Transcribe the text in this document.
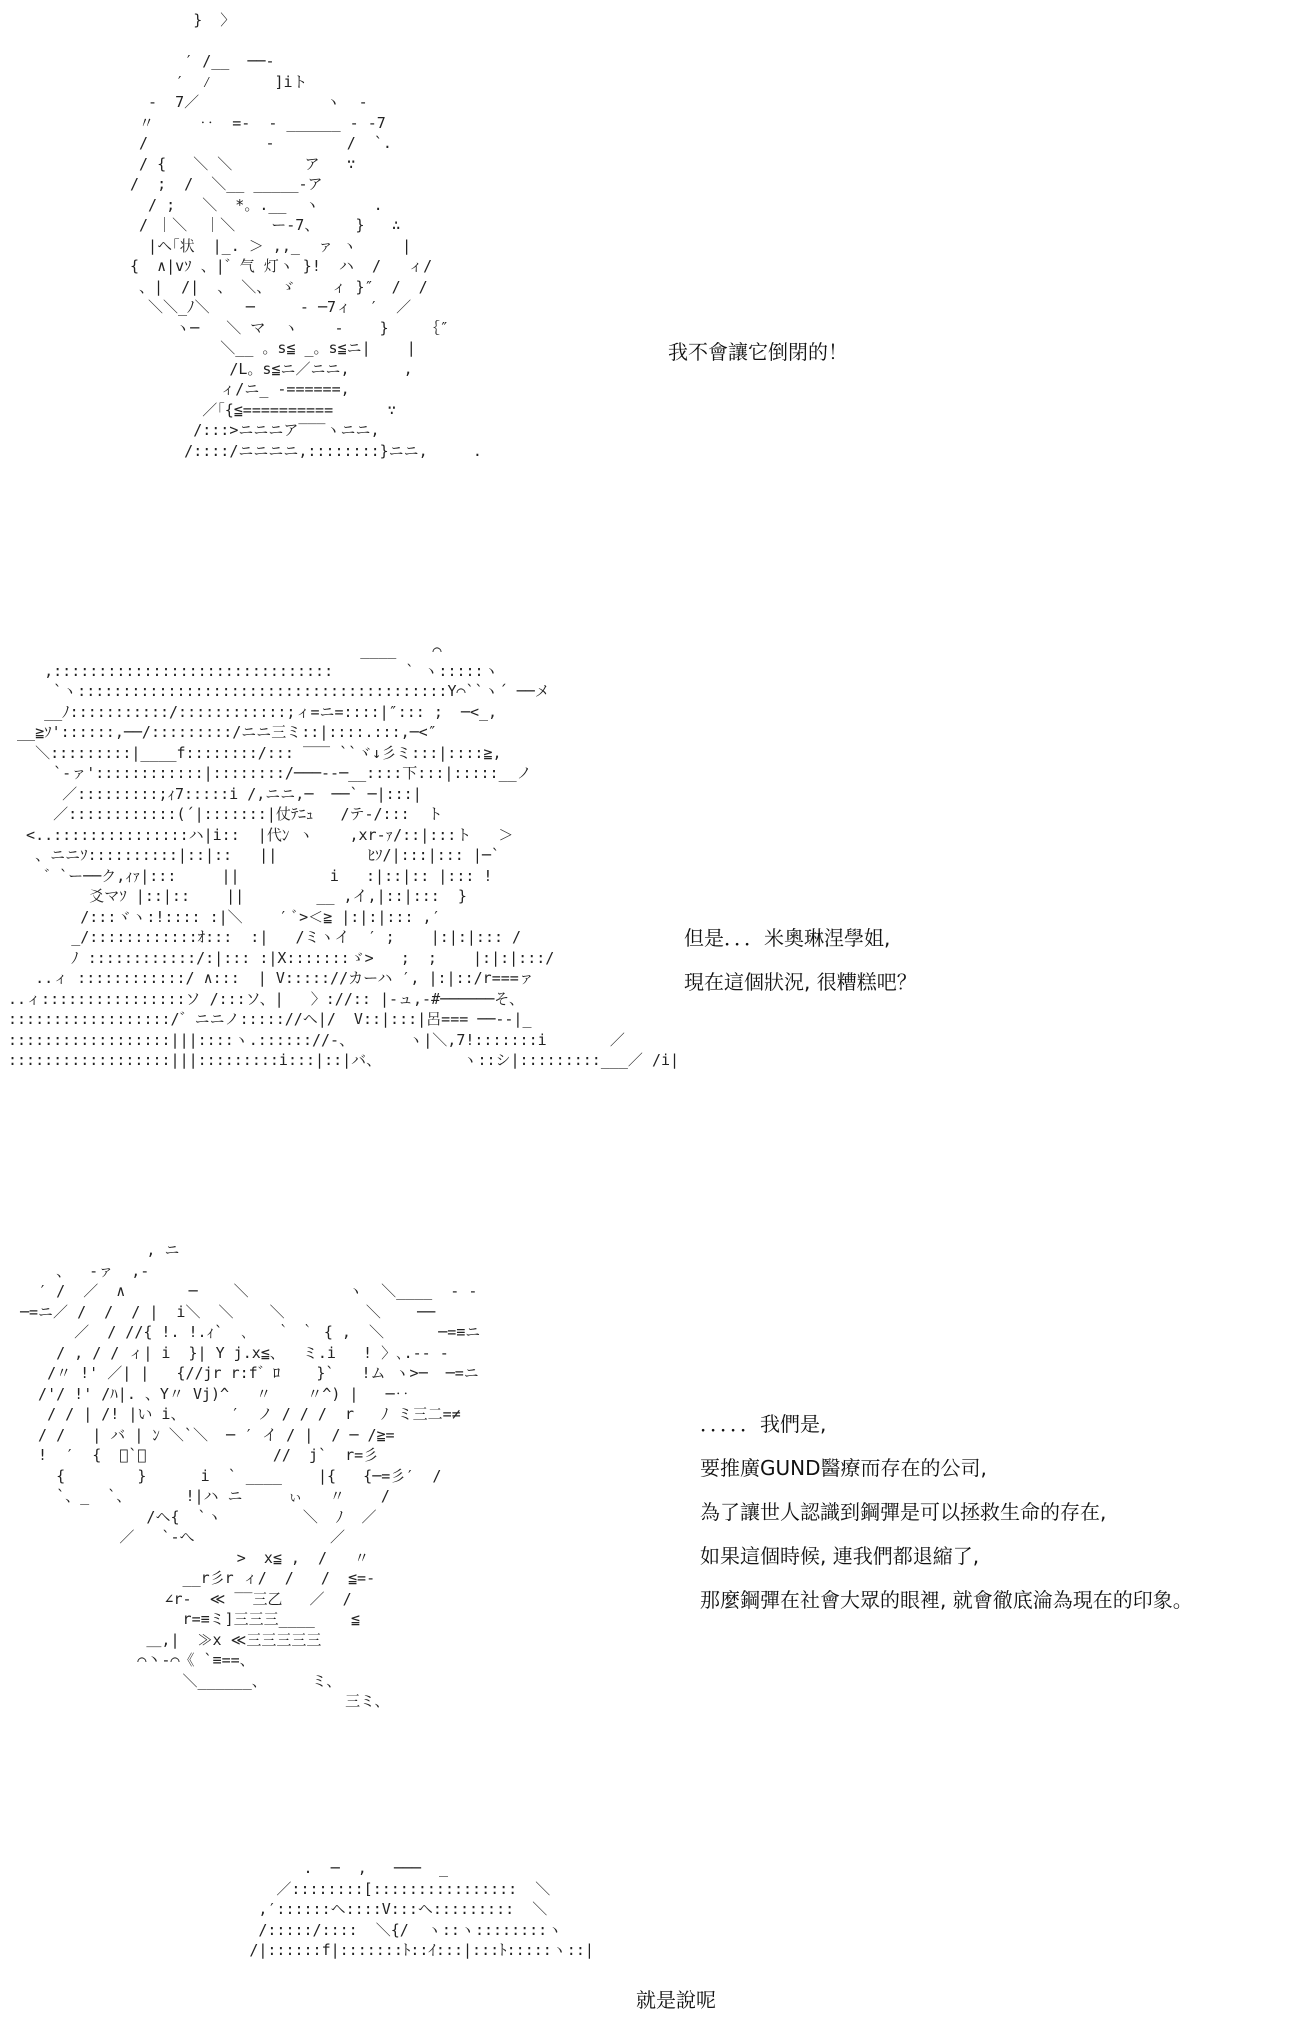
}  〉

′ /__  ──-
′  ⁄       ]iト
-  7／              ヽ  -
〃     ‥  =-  - ______ - -7
/             -        /  `.
/ {   ＼ ＼        ア   ∵
/  ;  /  ＼__ _____-ア
/ ;   ＼  *。.__  ヽ      .
/ ｜＼  ｜＼    ー-7、    }   ∴
|ヘ｢状  |_. ＞ ,,_  ァ ヽ     |
{  ∧|vｿ 、|゛气 灯ヽ }!  ハ  /   ィ/
、|  /|  、 ＼、 ゞ    ィ }″  /  /
＼＼_ﾉ＼    ─     - ─7ィ  ′  ／
ヽ─   ＼ マ  ヽ    -    }    ｛″
＼__ 。s≦ _。s≦ニ|    |
/L。s≦ニ／ニニ,      ,
ィ/ニ_ -======,
／｢{≦==========      ∵
/:::>ニニニア‾‾‾ヽニニ,
/::::/ニニニニ,::::::::}ニニ,     .
我不會讓它倒閉的！
____    ⌒
,:::::::::::::::::::::::::::::::        ` ヽ:::::ヽ
`ヽ:::::::::::::::::::::::::::::::::::::::::Y⌒``ヽ´ ──メ
__ﾉ:::::::::::/::::::::::::;ィ=ニ=::::|″::: ;  ─<_,
__≧ｿ'::::::,──/:::::::::/ニニ三ミ::|::::.:::,─<″
＼:::::::::|____f::::::::/::: ‾‾‾ ``ヾ↓彡ミ:::|::::≧,
`‐ァ'::::::::::::|::::::::/───‐-─__::::下:::|:::::__ノ
／:::::::::;ｨ7:::::i /,ニニ,─  ──` ─|:::|
／::::::::::::(´|:::::::|仗ﾃﾆｭ   /テ-/:::  ト
<..:::::::::::::::ハ|i::  |代ﾝ ヽ    ,xr-ｧ/::|:::ト   ＞
、ニニｿ::::::::::|::|::   ||          ﾋｿ/|:::|::: |─`
゛`ー──ク,ｨｧ|:::     ||          i   :|::|:: |::: !
爻マｿ |::|::    ||        __ ,イ,|::|:::  }
/:::ヾヽ:!:::: :|＼    ′ ﾞ>＜≧ |:|:|::: ,′
_/::::::::::::ｵ:::  :|   /ミヽイ  ′ ;    |:|:|::: /
ﾉ ::::::::::::/:|::: :|X:::::::ゞ>   ;  ;    |:|:|:::/
..ィ ::::::::::::/ ∧:::  | V::::://カーハ ′, |:|::/r===ァ
..ィ::::::::::::::::ソ /:::ソ、|   〉://:: |-ュ,-#──────そ、
::::::::::::::::::/゛ニニノ::::://ヘ|/  V::|:::|呂=== ──--|_
::::::::::::::::::|||::::ヽ.:::::://-、      ヽ|＼,7!:::::::i       ／
::::::::::::::::::|||:::::::::i:::|::|バ、         ヽ::シ|:::::::::___／ /i|
但是．．．米奧琳涅學姐,
現在這個狀況, 很糟糕吧？
, ニ
、  ‐ァ  ,-
′ /  ／  ∧       ─    ＼           ヽ  ＼____  - -
─=ニ／ /  /  / |  i＼  ＼    ＼         ＼    ──
／  / //{ !. !.ｨ`  ､   ｀ ｀ { ,  ＼      ─=≡ニ
/ , / / ィ| i  }| Y j.x≦、  ミ.i   ! 〉､.‐- -
/〃 !' ／| |   {//jr r:f゛ﾛ    }`   !ム ヽ>─  ─=ニ
/'/ !' /ﾊ|. 、Y〃 Vj)^   〃    〃^) |   ─‥
/ / | /! |い i、     ′  ノ / / /  r   ﾉ ミ三二=≠
/ /   | バ | ﾝ ＼`＼  ─ ′ イ / |  / ─ /≧=
!  ′  {  ﾞ`、              //  j`  r=彡
{        }      i  ` ____    |{   {─=彡′  /
`、_  `、      !|ハ ニ     ぃ   〃    /
/ヘ{  `ヽ         ＼  ﾉ  ／
／   `‐へ               ／
>  x≦ ,  /   〃
__r彡r ィ/  /   /  ≦=‐
∠r‐  ≪ ‾‾三乙   ／  /
r=≡ミ]三三三____    ≦
＿,|  ≫x ≪三三三三三
⌒丶‐⌒《 `≡==、
＼______、     ミ、
三ミ、
．．．．．我們是,
要推廣GUND醫療而存在的公司,
為了讓世人認識到鋼彈是可以拯救生命的存在,
如果這個時候, 連我們都退縮了,
那麼鋼彈在社會大眾的眼裡, 就會徹底淪為現在的印象。
.  ─  ,   ───  _
／::::::::[::::::::::::::::  ＼
,′::::::ヘ::::V:::ヘ:::::::::  ＼
/:::::/::::  ＼{/  ヽ::ヽ::::::::ヽ
/|::::::f|:::::::ﾄ::ｲ:::|:::ﾄ:::::ヽ::|
就是說呢
